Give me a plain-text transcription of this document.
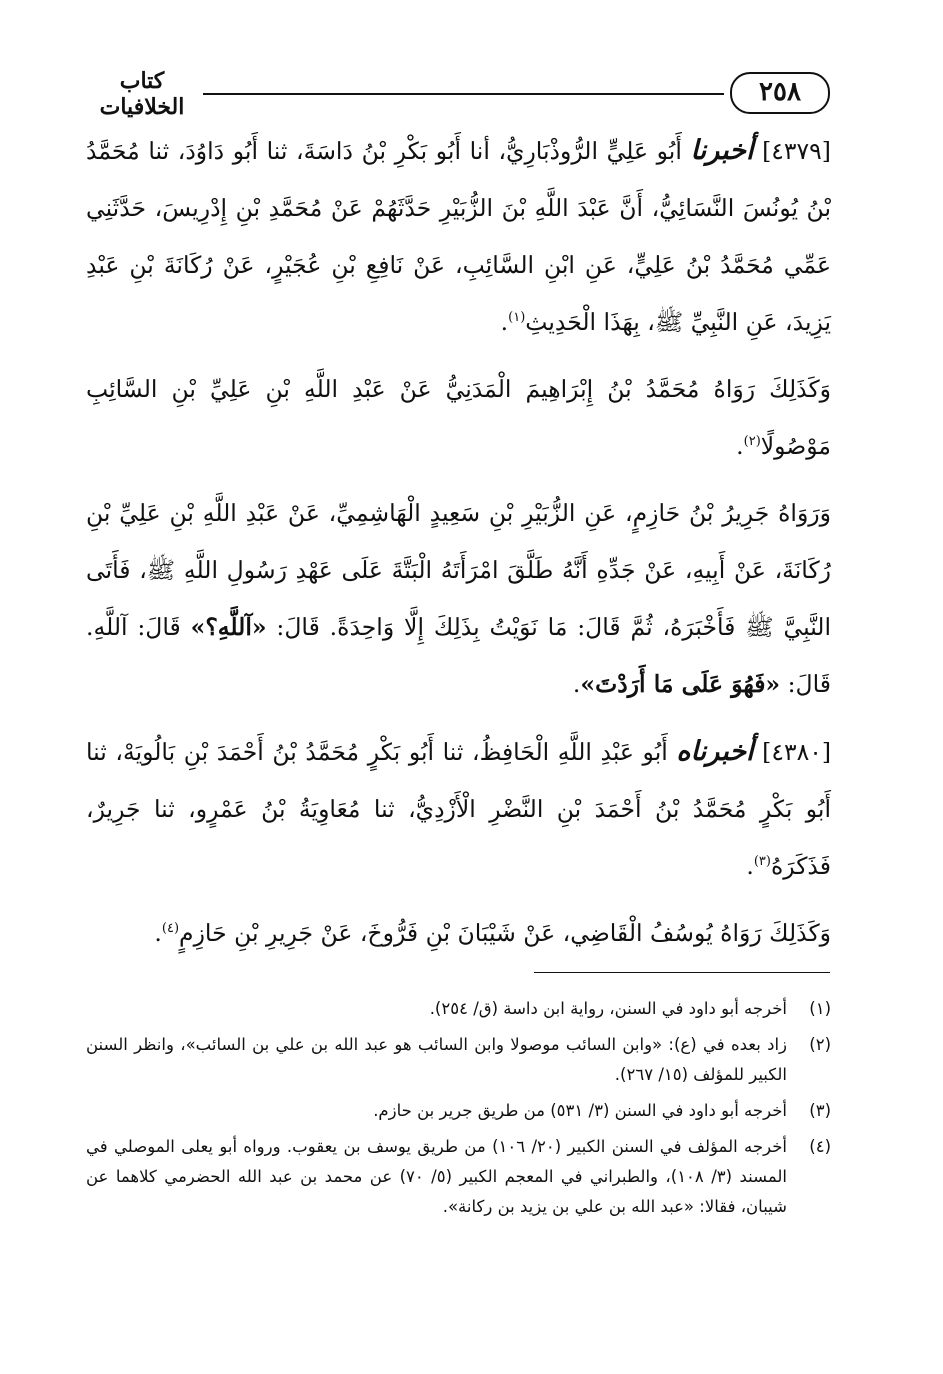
٢٥٨
كتاب الخلافيات

[٤٣٧٩] أخبرنا أَبُو عَلِيٍّ الرُّوذْبَارِيُّ، أنا أَبُو بَكْرِ بْنُ دَاسَةَ، ثنا أَبُو دَاوُدَ، ثنا مُحَمَّدُ بْنُ يُونُسَ النَّسَائِيُّ، أَنَّ عَبْدَ اللَّهِ بْنَ الزُّبَيْرِ حَدَّثَهُمْ عَنْ مُحَمَّدِ بْنِ إِدْرِيسَ، حَدَّثَنِي عَمِّي مُحَمَّدُ بْنُ عَلِيٍّ، عَنِ ابْنِ السَّائِبِ، عَنْ نَافِعِ بْنِ عُجَيْرٍ، عَنْ رُكَانَةَ بْنِ عَبْدِ يَزِيدَ، عَنِ النَّبِيِّ ﷺ، بِهَذَا الْحَدِيثِ$^{(١)}$.

وَكَذَلِكَ رَوَاهُ مُحَمَّدُ بْنُ إِبْرَاهِيمَ الْمَدَنِيُّ عَنْ عَبْدِ اللَّهِ بْنِ عَلِيِّ بْنِ السَّائِبِ مَوْصُولًا$^{(٢)}$.

وَرَوَاهُ جَرِيرُ بْنُ حَازِمٍ، عَنِ الزُّبَيْرِ بْنِ سَعِيدٍ الْهَاشِمِيِّ، عَنْ عَبْدِ اللَّهِ بْنِ عَلِيِّ بْنِ رُكَانَةَ، عَنْ أَبِيهِ، عَنْ جَدِّهِ أَنَّهُ طَلَّقَ امْرَأَتَهُ الْبَتَّةَ عَلَى عَهْدِ رَسُولِ اللَّهِ ﷺ، فَأَتَى النَّبِيَّ ﷺ فَأَخْبَرَهُ، ثُمَّ قَالَ: مَا نَوَيْتُ بِذَلِكَ إِلَّا وَاحِدَةً. قَالَ: «آللَّهِ؟» قَالَ: آللَّهِ. قَالَ: «فَهُوَ عَلَى مَا أَرَدْتَ».

[٤٣٨٠] أخبرناه أَبُو عَبْدِ اللَّهِ الْحَافِظُ، ثنا أَبُو بَكْرٍ مُحَمَّدُ بْنُ أَحْمَدَ بْنِ بَالُويَهْ، ثنا أَبُو بَكْرٍ مُحَمَّدُ بْنُ أَحْمَدَ بْنِ النَّضْرِ الْأَزْدِيُّ، ثنا مُعَاوِيَةُ بْنُ عَمْرٍو، ثنا جَرِيرٌ، فَذَكَرَهُ$^{(٣)}$.

وَكَذَلِكَ رَوَاهُ يُوسُفُ الْقَاضِي، عَنْ شَيْبَانَ بْنِ فَرُّوخَ، عَنْ جَرِيرِ بْنِ حَازِمٍ$^{(٤)}$.

(١)
أخرجه أبو داود في السنن، رواية ابن داسة (ق/ ٢٥٤).
(٢)
زاد بعده في (ع): «وابن السائب موصولا وابن السائب هو عبد الله بن علي بن السائب»، وانظر السنن الكبير للمؤلف (١٥/ ٢٦٧).
(٣)
أخرجه أبو داود في السنن (٣/ ٥٣١) من طريق جرير بن حازم.
(٤)
أخرجه المؤلف في السنن الكبير (٢٠/ ١٠٦) من طريق يوسف بن يعقوب. ورواه أبو يعلى الموصلي في المسند (٣/ ١٠٨)، والطبراني في المعجم الكبير (٥/ ٧٠) عن محمد بن عبد الله الحضرمي كلاهما عن شيبان، فقالا: «عبد الله بن علي بن يزيد بن ركانة».
